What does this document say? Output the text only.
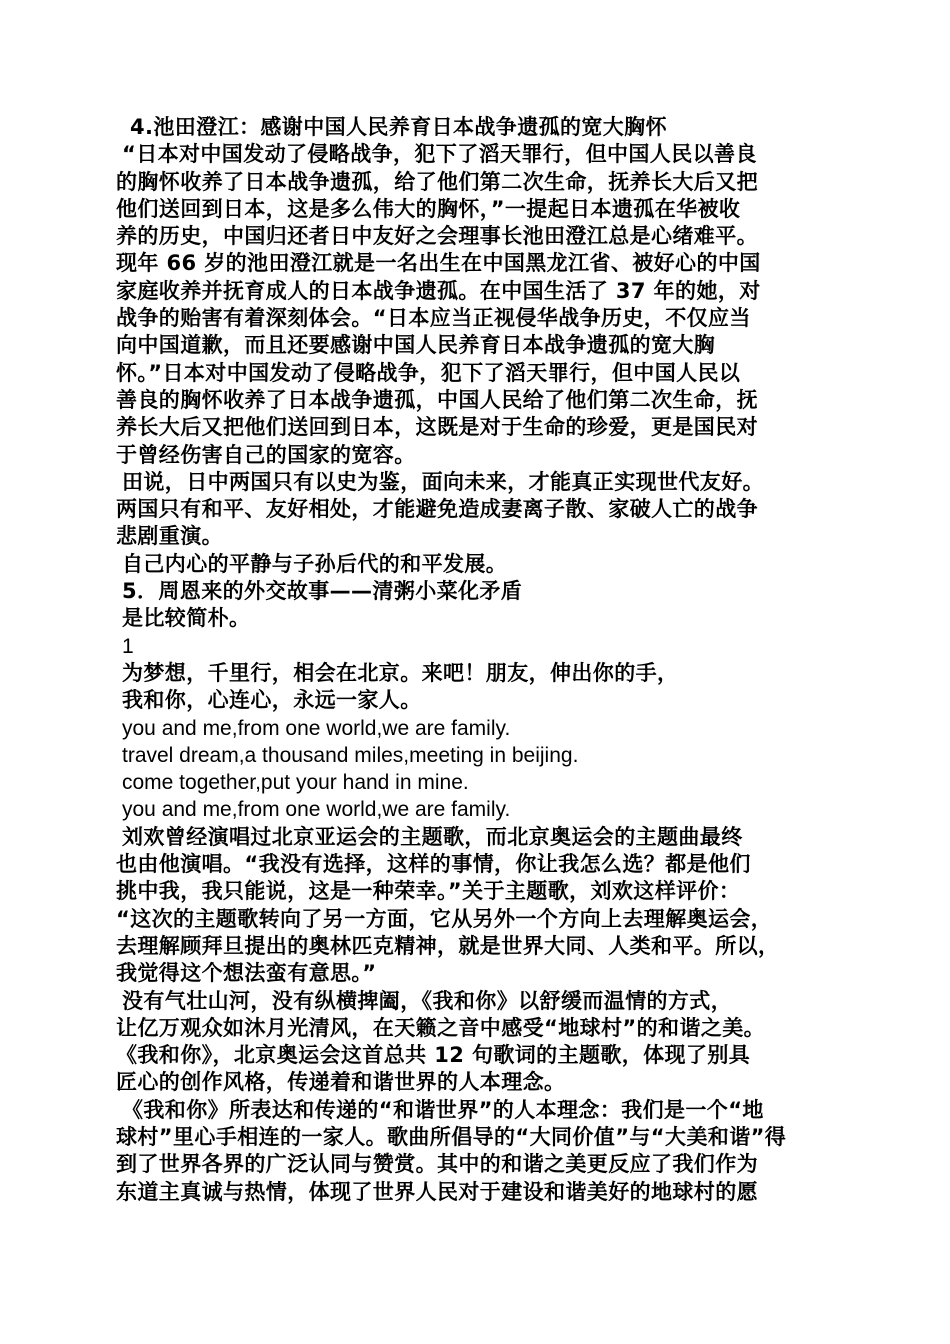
4.池田澄江：感谢中国人民养育日本战争遗孤的宽大胸怀
“日本对中国发动了侵略战争，犯下了滔天罪行，但中国人民以善良
的胸怀收养了日本战争遗孤，给了他们第二次生命，抚养长大后又把
他们送回到日本，这是多么伟大的胸怀，”一提起日本遗孤在华被收
养的历史，中国归还者日中友好之会理事长池田澄江总是心绪难平。
现年 66 岁的池田澄江就是一名出生在中国黑龙江省、被好心的中国
家庭收养并抚育成人的日本战争遗孤。在中国生活了 37 年的她，对
战争的贻害有着深刻体会。“日本应当正视侵华战争历史，不仅应当
向中国道歉，而且还要感谢中国人民养育日本战争遗孤的宽大胸
怀。”日本对中国发动了侵略战争，犯下了滔天罪行，但中国人民以
善良的胸怀收养了日本战争遗孤，中国人民给了他们第二次生命，抚
养长大后又把他们送回到日本，这既是对于生命的珍爱，更是国民对
于曾经伤害自己的国家的宽容。
田说，日中两国只有以史为鉴，面向未来，才能真正实现世代友好。
两国只有和平、友好相处，才能避免造成妻离子散、家破人亡的战争
悲剧重演。
自己内心的平静与子孙后代的和平发展。
5．周恩来的外交故事——清粥小菜化矛盾
是比较简朴。
1
为梦想，千里行，相会在北京。来吧！朋友，伸出你的手，
我和你，心连心，永远一家人。
you and me,from one world,we are family.
travel dream,a thousand miles,meeting in beijing.
come together,put your hand in mine.
you and me,from one world,we are family.
刘欢曾经演唱过北京亚运会的主题歌，而北京奥运会的主题曲最终
也由他演唱。“我没有选择，这样的事情，你让我怎么选？都是他们
挑中我，我只能说，这是一种荣幸。”关于主题歌，刘欢这样评价：
“这次的主题歌转向了另一方面，它从另外一个方向上去理解奥运会，
去理解顾拜旦提出的奥林匹克精神，就是世界大同、人类和平。所以，
我觉得这个想法蛮有意思。”
没有气壮山河，没有纵横捭阖，《我和你》以舒缓而温情的方式，
让亿万观众如沐月光清风，在天籁之音中感受“地球村”的和谐之美。
《我和你》，北京奥运会这首总共 12 句歌词的主题歌，体现了别具
匠心的创作风格，传递着和谐世界的人本理念。
《我和你》所表达和传递的“和谐世界”的人本理念：我们是一个“地
球村”里心手相连的一家人。歌曲所倡导的“大同价值”与“大美和谐”得
到了世界各界的广泛认同与赞赏。其中的和谐之美更反应了我们作为
东道主真诚与热情，体现了世界人民对于建设和谐美好的地球村的愿
